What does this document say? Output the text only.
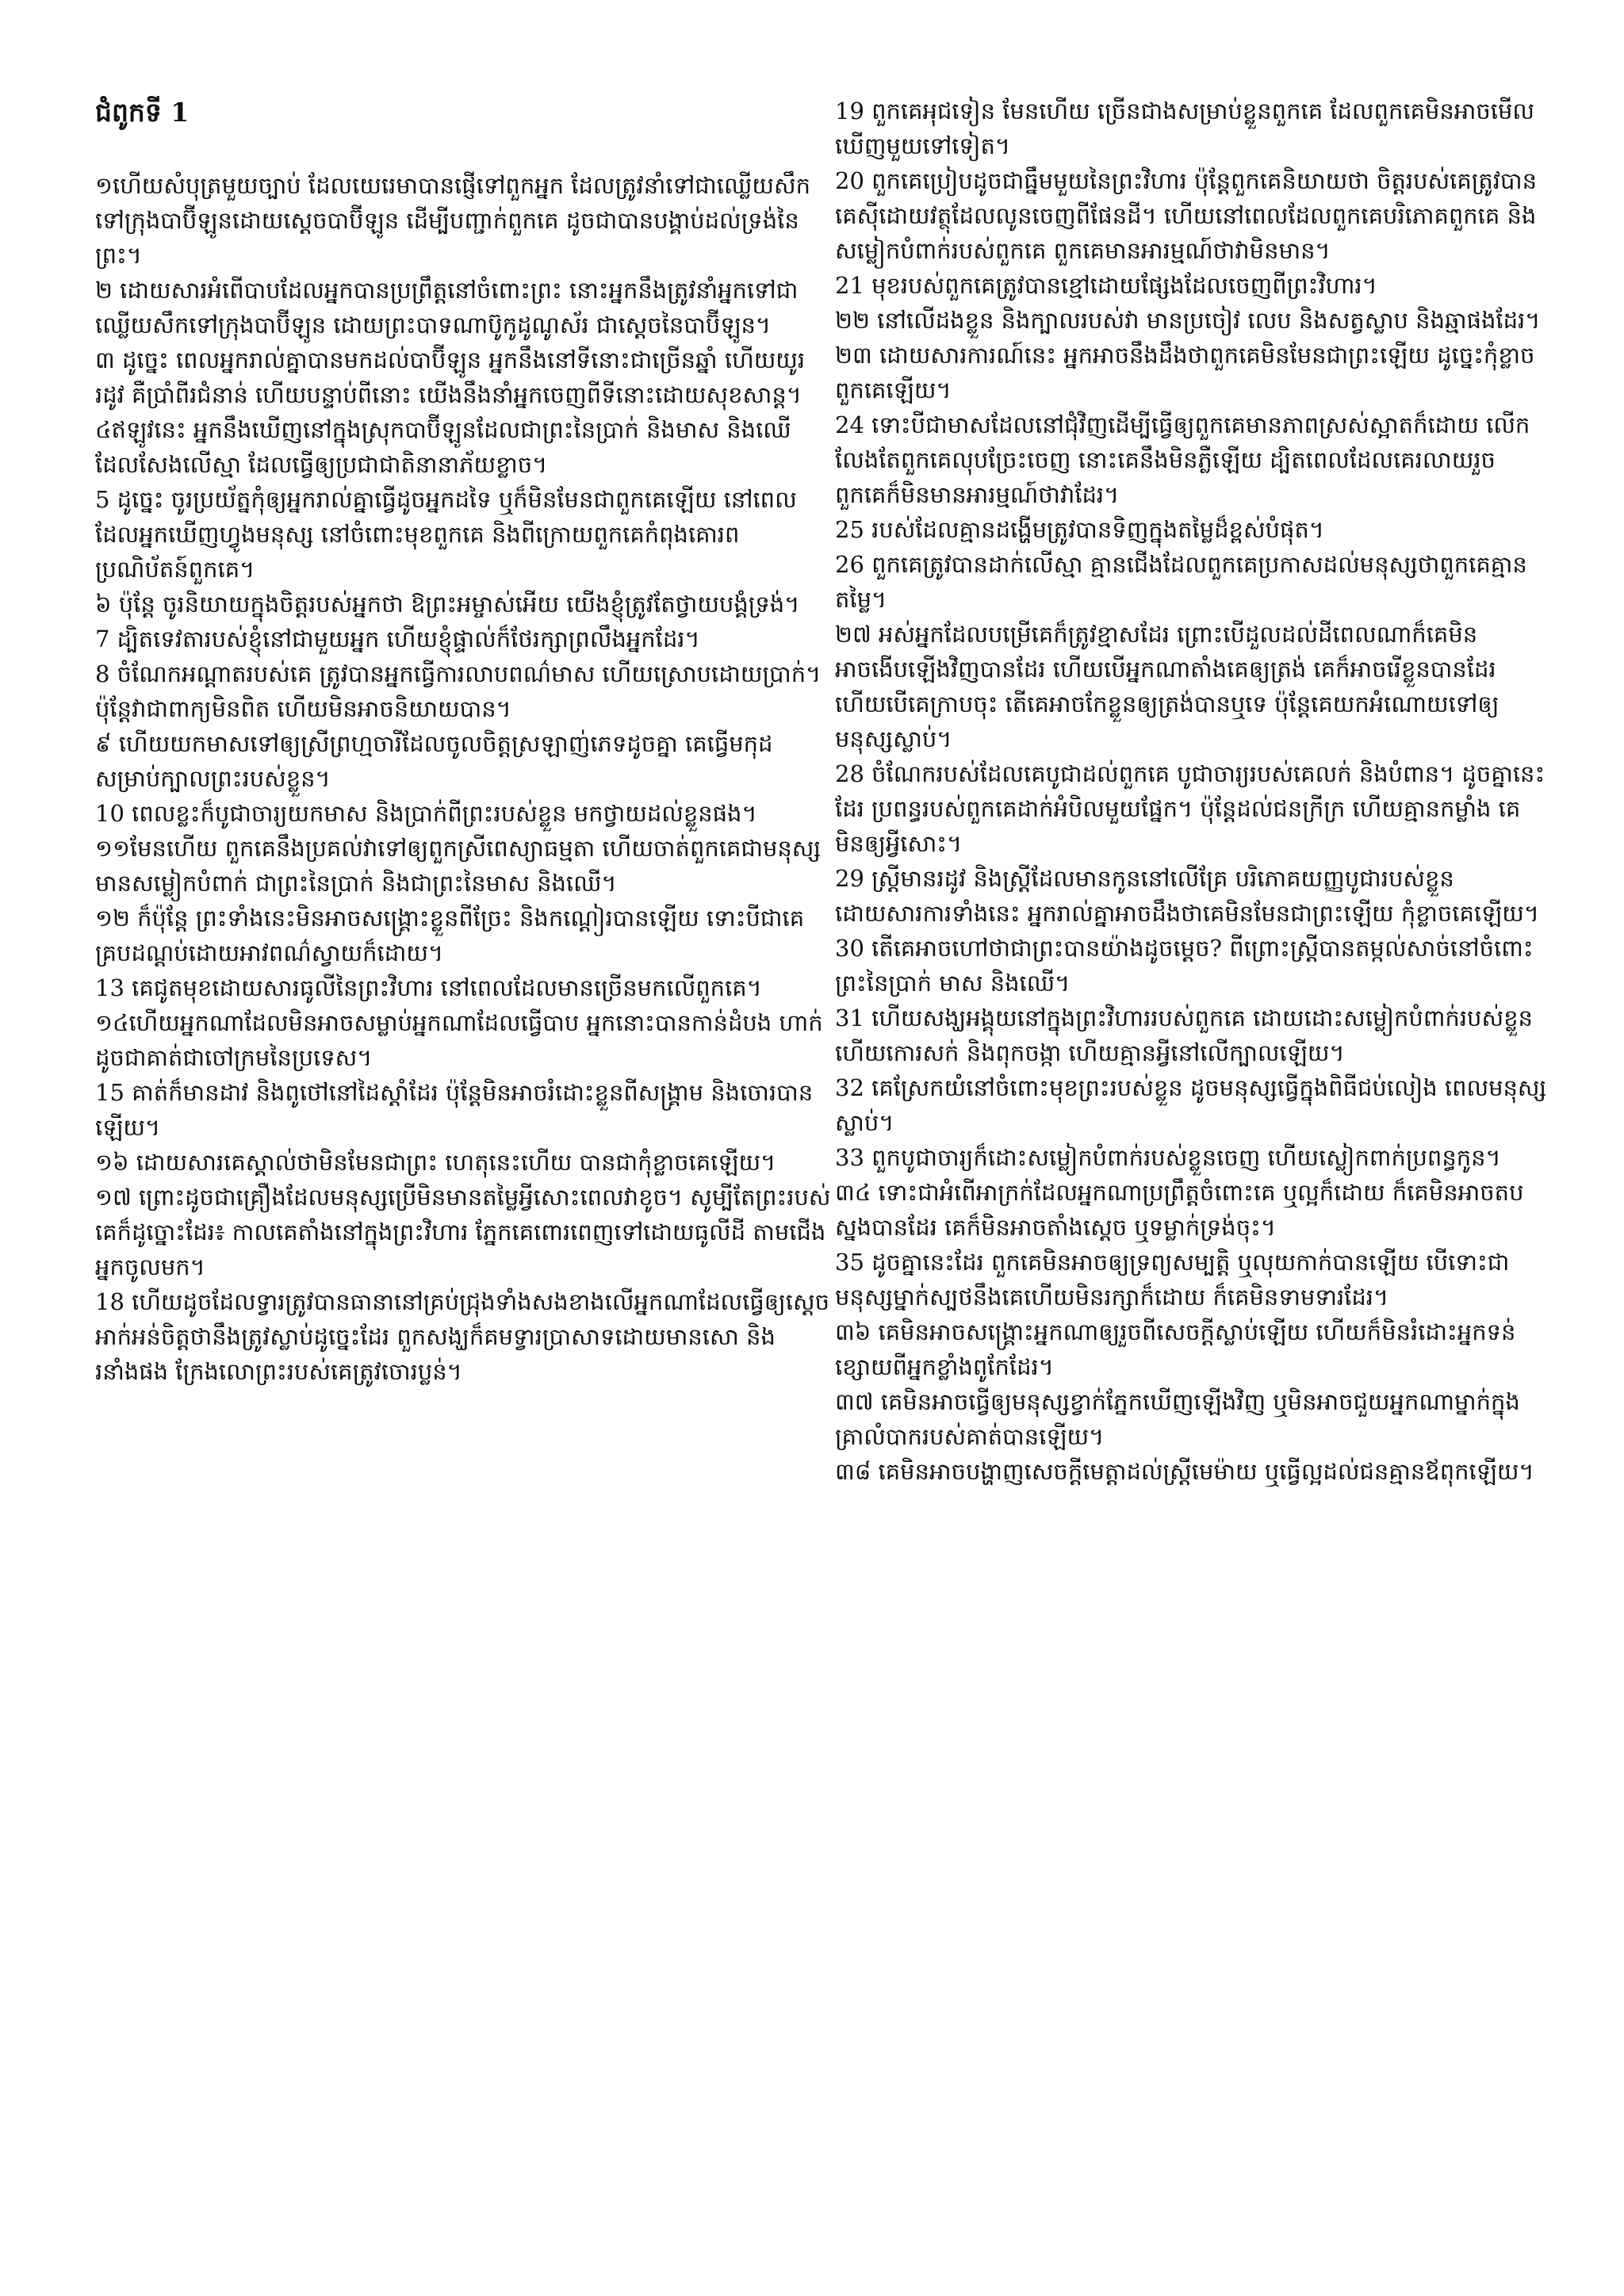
ជំពូកទី 1

១ហើយសំបុត្រមួយច្បាប់ ដែលយេរេមាបានផ្ញើទៅពួកអ្នក ដែលត្រូវនាំទៅជាឈ្លើយសឹកទៅក្រុងបាប៊ីឡូនដោយស្ដេចបាប៊ីឡូន ដើម្បីបញ្ជាក់ពួកគេ ដូចជាបានបង្គាប់ដល់ទ្រង់នៃព្រះ។

២ ដោយសារអំពើបាបដែលអ្នកបានប្រព្រឹត្តនៅចំពោះព្រះ នោះអ្នកនឹងត្រូវនាំអ្នកទៅជាឈ្លើយសឹកទៅក្រុងបាប៊ីឡូន ដោយព្រះបាទណាប៊ូកូដូណូស័រ ជាស្ដេចនៃបាប៊ីឡូន។

៣ ដូច្នេះ ពេលអ្នករាល់គ្នាបានមកដល់បាប៊ីឡូន អ្នកនឹងនៅទីនោះជាច្រើនឆ្នាំ ហើយយូររដូវ គឺប្រាំពីរជំនាន់ ហើយបន្ទាប់ពីនោះ យើងនឹងនាំអ្នកចេញពីទីនោះដោយសុខសាន្ត។

៤ឥឡូវនេះ អ្នកនឹងឃើញនៅក្នុងស្រុកបាប៊ីឡូនដែលជាព្រះនៃប្រាក់ និងមាស និងឈើដែលសែងលើស្មា ដែលធ្វើឲ្យប្រជាជាតិនានាភ័យខ្លាច។

5 ដូច្នេះ ចូរប្រយ័ត្នកុំឲ្យអ្នករាល់គ្នាធ្វើដូចអ្នកដទៃ ឬក៏មិនមែនជាពួកគេឡើយ នៅពេលដែលអ្នកឃើញហ្វូងមនុស្ស នៅចំពោះមុខពួកគេ និងពីក្រោយពួកគេកំពុងគោរពប្រណិប័តន៍ពួកគេ។

៦ ប៉ុន្តែ ចូរនិយាយក្នុងចិត្តរបស់អ្នកថា ឱព្រះអម្ចាស់អើយ យើងខ្ញុំត្រូវតែថ្វាយបង្គំទ្រង់។

7 ដ្បិតទេវតារបស់ខ្ញុំនៅជាមួយអ្នក ហើយខ្ញុំផ្ទាល់ក៏ថែរក្សាព្រលឹងអ្នកដែរ។

8 ចំណែកអណ្ដាតរបស់គេ ត្រូវបានអ្នកធ្វើការលាបពណ៌មាស ហើយស្រោបដោយប្រាក់។ ប៉ុន្តែវាជាពាក្យមិនពិត ហើយមិនអាចនិយាយបាន។

៩ ហើយយកមាសទៅឲ្យស្រីព្រហ្មចារីដែលចូលចិត្តស្រឡាញ់ភេទដូចគ្នា គេធ្វើមកុដសម្រាប់ក្បាលព្រះរបស់ខ្លួន។

10 ពេលខ្លះក៏បូជាចារ្យយកមាស និងប្រាក់ពីព្រះរបស់ខ្លួន មកថ្វាយដល់ខ្លួនផង។

១១មែនហើយ ពួកគេនឹងប្រគល់វាទៅឲ្យពួកស្រីពេស្យាធម្មតា ហើយចាត់ពួកគេជាមនុស្សមានសម្លៀកបំពាក់ ជាព្រះនៃប្រាក់ និងជាព្រះនៃមាស និងឈើ។

១២ ក៏ប៉ុន្តែ ព្រះទាំងនេះមិនអាចសង្គ្រោះខ្លួនពីច្រែះ និងកណ្ដៀរបានឡើយ ទោះបីជាគេគ្របដណ្ដប់ដោយអាវពណ៌ស្វាយក៏ដោយ។

13 គេជូតមុខដោយសារធូលីនៃព្រះវិហារ នៅពេលដែលមានច្រើនមកលើពួកគេ។

១៤ហើយអ្នកណាដែលមិនអាចសម្លាប់អ្នកណាដែលធ្វើបាប អ្នកនោះបានកាន់ដំបង ហាក់ដូចជាគាត់ជាចៅក្រមនៃប្រទេស។

15 គាត់ក៏មានដាវ និងពូថៅនៅដៃស្ដាំដែរ ប៉ុន្តែមិនអាចរំដោះខ្លួនពីសង្គ្រាម និងចោរបានឡើយ។

១៦ ដោយសារគេស្គាល់ថាមិនមែនជាព្រះ ហេតុនេះហើយ បានជាកុំខ្លាចគេឡើយ។

១៧ ព្រោះដូចជាគ្រឿងដែលមនុស្សប្រើមិនមានតម្លៃអ្វីសោះពេលវាខូច។ សូម្បីតែព្រះរបស់គេក៏ដូច្នោះដែរ៖ កាលគេតាំងនៅក្នុងព្រះវិហារ ភ្នែកគេពោរពេញទៅដោយធូលីដី តាមជើងអ្នកចូលមក។

18 ហើយដូចដែលទ្វារត្រូវបានធានានៅគ្រប់ជ្រុងទាំងសងខាងលើអ្នកណាដែលធ្វើឲ្យស្ដេចអាក់អន់ចិត្តថានឹងត្រូវស្លាប់ដូច្នេះដែរ ពួកសង្ឃក៏គមទ្វារប្រាសាទដោយមានសោ និងរនាំងផង ក្រែងលោព្រះរបស់គេត្រូវចោរប្លន់។

19 ពួកគេអុជទៀន មែនហើយ ច្រើនជាងសម្រាប់ខ្លួនពួកគេ ដែលពួកគេមិនអាចមើលឃើញមួយទៅទៀត។

20 ពួកគេប្រៀបដូចជាធ្នឹមមួយនៃព្រះវិហារ ប៉ុន្តែពួកគេនិយាយថា ចិត្តរបស់គេត្រូវបានគេស៊ីដោយវត្ថុដែលលូនចេញពីផែនដី។ ហើយនៅពេលដែលពួកគេបរិភោគពួកគេ និងសម្លៀកបំពាក់របស់ពួកគេ ពួកគេមានអារម្មណ៍ថាវាមិនមាន។

21 មុខរបស់ពួកគេត្រូវបានខ្មៅដោយផ្សែងដែលចេញពីព្រះវិហារ។

២២ នៅលើដងខ្លួន និងក្បាលរបស់វា មានប្រចៀវ លេប និងសត្វស្លាប និងឆ្មាផងដែរ។

២៣ ដោយសារការណ៍នេះ អ្នកអាចនឹងដឹងថាពួកគេមិនមែនជាព្រះឡើយ ដូច្នេះកុំខ្លាចពួកគេឡើយ។

24 ទោះបីជាមាសដែលនៅជុំវិញដើម្បីធ្វើឲ្យពួកគេមានភាពស្រស់ស្អាតក៏ដោយ លើកលែងតែពួកគេលុបច្រែះចេញ នោះគេនឹងមិនភ្លឺឡើយ ដ្បិតពេលដែលគេរលាយរួច ពួកគេក៏មិនមានអារម្មណ៍ថាវាដែរ។

25 របស់ដែលគ្មានដង្ហើមត្រូវបានទិញក្នុងតម្លៃដ៏ខ្ពស់បំផុត។

26 ពួកគេត្រូវបានដាក់លើស្មា គ្មានជើងដែលពួកគេប្រកាសដល់មនុស្សថាពួកគេគ្មានតម្លៃ។

២៧ អស់អ្នកដែលបម្រើគេក៏ត្រូវខ្មាសដែរ ព្រោះបើដួលដល់ដីពេលណាក៏គេមិនអាចងើបឡើងវិញបានដែរ ហើយបើអ្នកណាតាំងគេឲ្យត្រង់ គេក៏អាចរើខ្លួនបានដែរ ហើយបើគេក្រាបចុះ តើគេអាចកែខ្លួនឲ្យត្រង់បានឬទេ ប៉ុន្តែគេយកអំណោយទៅឲ្យមនុស្សស្លាប់។

28 ចំណែករបស់ដែលគេបូជាដល់ពួកគេ បូជាចារ្យរបស់គេលក់ និងបំពាន។ ដូចគ្នានេះដែរ ប្រពន្ធរបស់ពួកគេដាក់អំបិលមួយផ្នែក។ ប៉ុន្តែដល់ជនក្រីក្រ ហើយគ្មានកម្លាំង គេមិនឲ្យអ្វីសោះ។

29 ស្ត្រីមានរដូវ និងស្ត្រីដែលមានកូននៅលើគ្រែ បរិភោគយញ្ញបូជារបស់ខ្លួន ដោយសារការទាំងនេះ អ្នករាល់គ្នាអាចដឹងថាគេមិនមែនជាព្រះឡើយ កុំខ្លាចគេឡើយ។

30 តើគេអាចហៅថាជាព្រះបានយ៉ាងដូចម្ដេច? ពីព្រោះស្ត្រីបានតម្កល់សាច់នៅចំពោះព្រះនៃប្រាក់ មាស និងឈើ។

31 ហើយសង្ឃអង្គុយនៅក្នុងព្រះវិហាររបស់ពួកគេ ដោយដោះសម្លៀកបំពាក់របស់ខ្លួន ហើយកោរសក់ និងពុកចង្កា ហើយគ្មានអ្វីនៅលើក្បាលឡើយ។

32 គេស្រែកយំនៅចំពោះមុខព្រះរបស់ខ្លួន ដូចមនុស្សធ្វើក្នុងពិធីជប់លៀង ពេលមនុស្សស្លាប់។

33 ពួកបូជាចារ្យក៏ដោះសម្លៀកបំពាក់របស់ខ្លួនចេញ ហើយស្លៀកពាក់ប្រពន្ធកូន។

៣៤ ទោះជាអំពើអាក្រក់ដែលអ្នកណាប្រព្រឹត្តចំពោះគេ ឬល្អក៏ដោយ ក៏គេមិនអាចតបស្នងបានដែរ គេក៏មិនអាចតាំងស្ដេច ឬទម្លាក់ទ្រង់ចុះ។

35 ដូចគ្នានេះដែរ ពួកគេមិនអាចឲ្យទ្រព្យសម្បត្តិ ឬលុយកាក់បានឡើយ បើទោះជាមនុស្សម្នាក់ស្បថនឹងគេហើយមិនរក្សាក៏ដោយ ក៏គេមិនទាមទារដែរ។

៣៦ គេមិនអាចសង្គ្រោះអ្នកណាឲ្យរួចពីសេចក្ដីស្លាប់ឡើយ ហើយក៏មិនរំដោះអ្នកទន់ខ្សោយពីអ្នកខ្លាំងពូកែដែរ។

៣៧ គេមិនអាចធ្វើឲ្យមនុស្សខ្វាក់ភ្នែកឃើញឡើងវិញ ឬមិនអាចជួយអ្នកណាម្នាក់ក្នុងគ្រាលំបាករបស់គាត់បានឡើយ។

៣៨ គេមិនអាចបង្ហាញសេចក្ដីមេត្តាដល់ស្ត្រីមេម៉ាយ ឬធ្វើល្អដល់ជនគ្មានឪពុកឡើយ។
